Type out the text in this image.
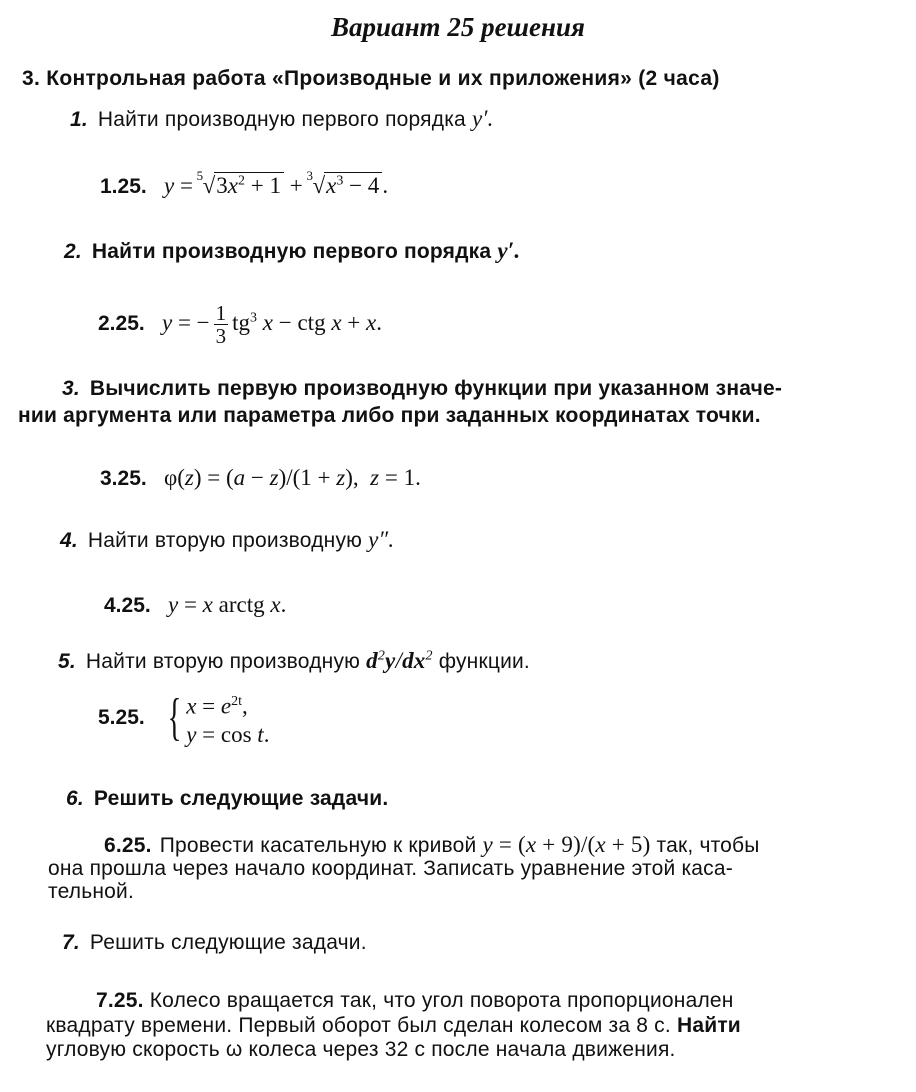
Вариант 25 решения
3. Контрольная работа «Производные и их приложения» (2 часа)
1. Найти производную первого порядка y′.
1.25. y =
5 $√3x^2 + 1$ +
3 $√x^3 - 4$ .
2. Найти производную первого порядка y′.
2.25. y = − $\frac{1}{3} tg^3$ x − ctg x + x.
3. Вычислить первую производную функции при указанном значе-
нии аргумента или параметра либо при заданных координатах точки.
3.25. φ(z) = (a − z)/(1 + z),  z = 1.
4. Найти вторую производную y″.
4.25. y = x arctg x.
5. Найти вторую производную $d^2y/dx^2$ функции.
5.25. { $x = e^{2t}$,
y = cos t.
6. Решить следующие задачи.
6.25. Провести касательную к кривой y = (x + 9)/(x + 5) так, чтобы
она прошла через начало координат. Записать уравнение этой каса-
тельной.
7. Решить следующие задачи.
7.25. Колесо вращается так, что угол поворота пропорционален
квадрату времени. Первый оборот был сделан колесом за 8 с. Найти
угловую скорость ω колеса через 32 с после начала движения.
